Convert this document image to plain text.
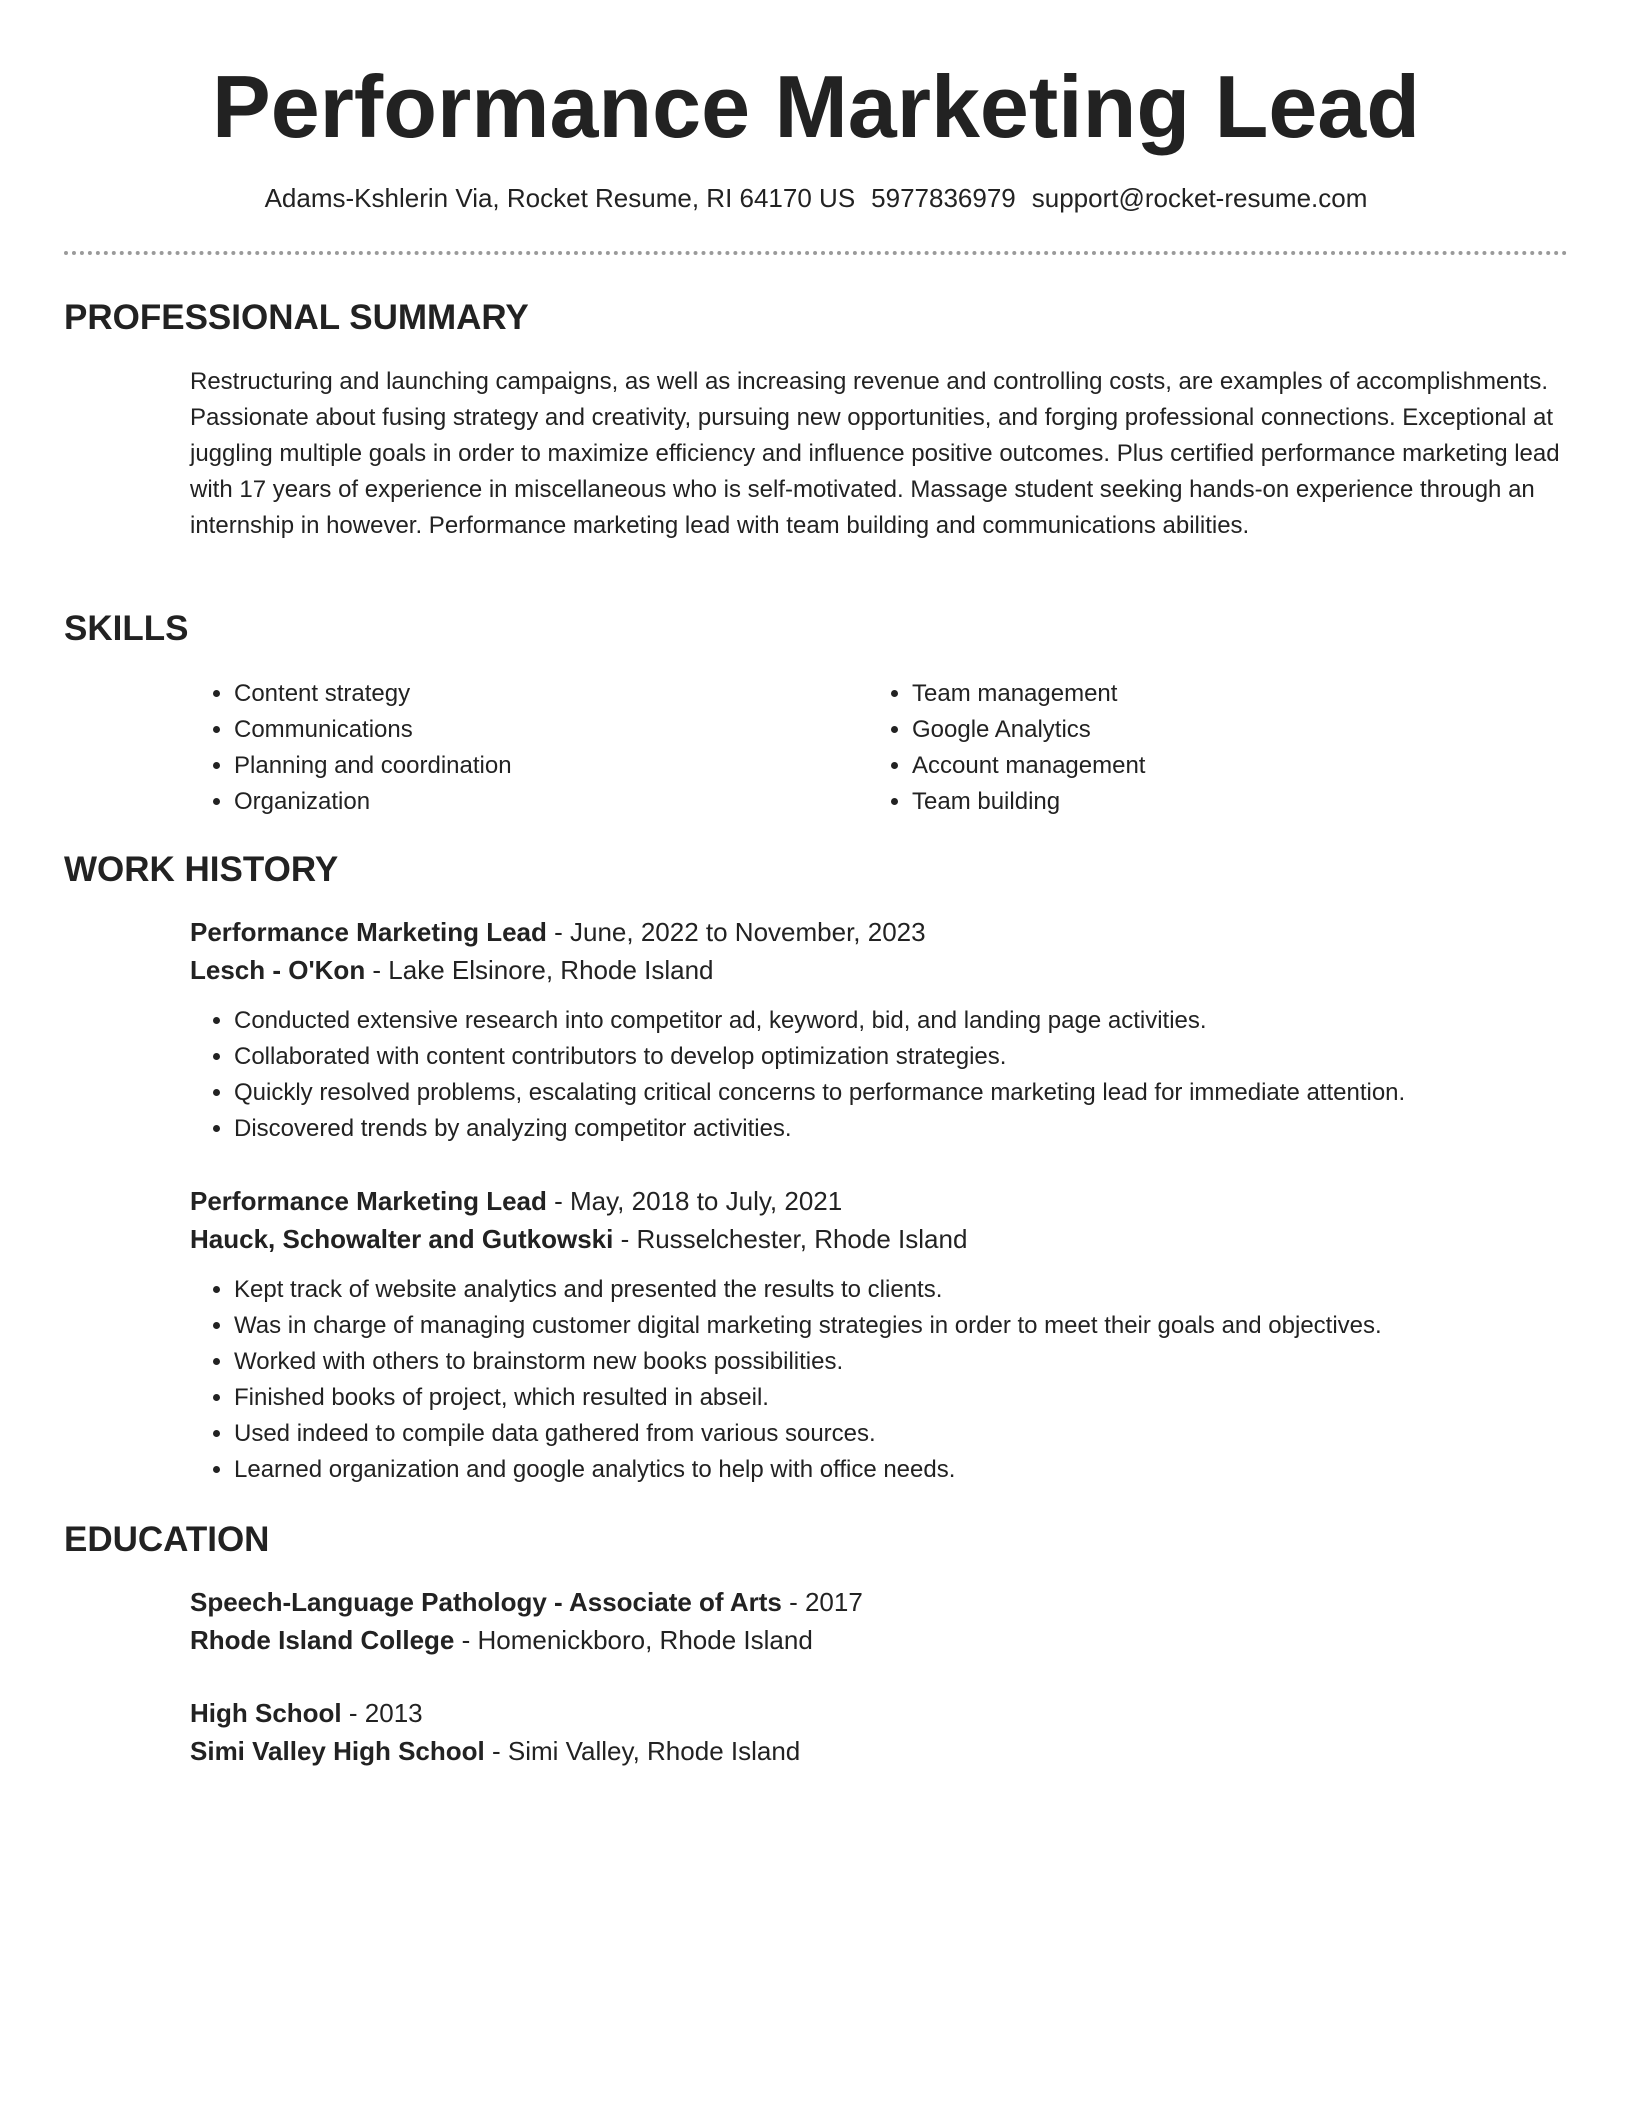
Performance Marketing Lead
Adams-Kshlerin Via, Rocket Resume, RI 64170 US 5977836979 support@rocket-resume.com
PROFESSIONAL SUMMARY

Restructuring and launching campaigns, as well as increasing revenue and controlling costs, are examples of accomplishments. Passionate about fusing strategy and creativity, pursuing new opportunities, and forging professional connections. Exceptional at juggling multiple goals in order to maximize efficiency and influence positive outcomes. Plus certified performance marketing lead with 17 years of experience in miscellaneous who is self-motivated. Massage student seeking hands-on experience through an internship in however. Performance marketing lead with team building and communications abilities.

SKILLS
• Content strategy
• Communications
• Planning and coordination
• Organization
• Team management
• Google Analytics
• Account management
• Team building
WORK HISTORY
Performance Marketing Lead - June, 2022 to November, 2023
Lesch - O'Kon - Lake Elsinore, Rhode Island
• Conducted extensive research into competitor ad, keyword, bid, and landing page activities.
• Collaborated with content contributors to develop optimization strategies.
• Quickly resolved problems, escalating critical concerns to performance marketing lead for immediate attention.
• Discovered trends by analyzing competitor activities.
Performance Marketing Lead - May, 2018 to July, 2021
Hauck, Schowalter and Gutkowski - Russelchester, Rhode Island
• Kept track of website analytics and presented the results to clients.
• Was in charge of managing customer digital marketing strategies in order to meet their goals and objectives.
• Worked with others to brainstorm new books possibilities.
• Finished books of project, which resulted in abseil.
• Used indeed to compile data gathered from various sources.
• Learned organization and google analytics to help with office needs.
EDUCATION
Speech-Language Pathology - Associate of Arts - 2017
Rhode Island College - Homenickboro, Rhode Island
High School - 2013
Simi Valley High School - Simi Valley, Rhode Island
